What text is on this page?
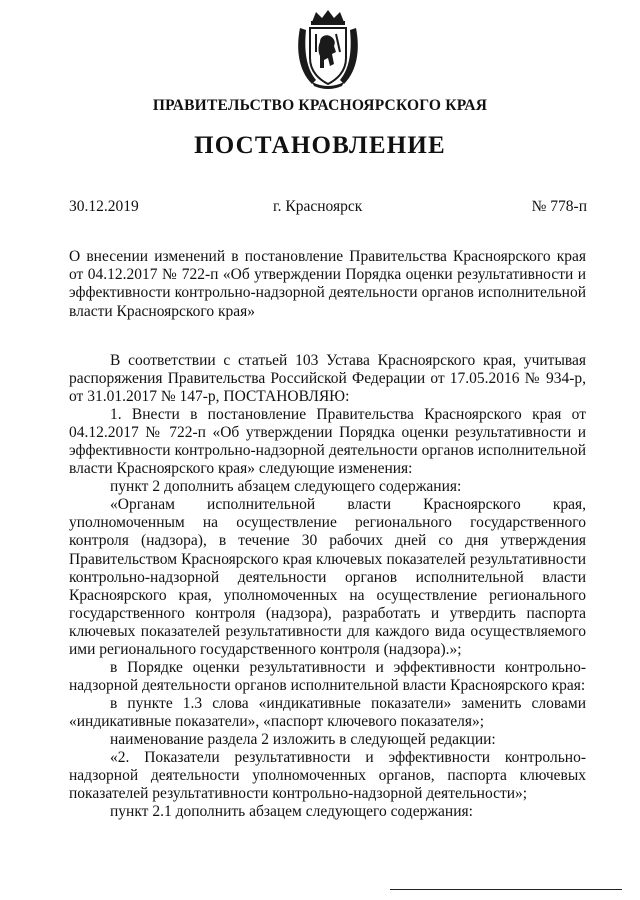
ПРАВИТЕЛЬСТВО КРАСНОЯРСКОГО КРАЯ
ПОСТАНОВЛЕНИЕ
30.12.2019	г. Красноярск	№ 778-п
О внесении изменений в постановление Правительства Красноярского края от 04.12.2017 № 722-п «Об утверждении Порядка оценки результативности и эффективности контрольно-надзорной деятельности органов исполнительной власти Красноярского края»

В соответствии с статьей 103 Устава Красноярского края, учитывая распоряжения Правительства Российской Федерации от 17.05.2016 № 934-р, от 31.01.2017 № 147-р, ПОСТАНОВЛЯЮ:

1. Внести в постановление Правительства Красноярского края от 04.12.2017 № 722-п «Об утверждении Порядка оценки результативности и эффективности контрольно-надзорной деятельности органов исполнительной власти Красноярского края» следующие изменения:

пункт 2 дополнить абзацем следующего содержания:

«Органам исполнительной власти Красноярского края, уполномоченным на осуществление регионального государственного контроля (надзора), в течение 30 рабочих дней со дня утверждения Правительством Красноярского края ключевых показателей результативности контрольно-надзорной деятельности органов исполнительной власти Красноярского края, уполномоченных на осуществление регионального государственного контроля (надзора), разработать и утвердить паспорта ключевых показателей результативности для каждого вида осуществляемого ими регионального государственного контроля (надзора).»;

в Порядке оценки результативности и эффективности контрольно-надзорной деятельности органов исполнительной власти Красноярского края:

в пункте 1.3 слова «индикативные показатели» заменить словами «индикативные показатели», «паспорт ключевого показателя»;

наименование раздела 2 изложить в следующей редакции:

«2. Показатели результативности и эффективности контрольно-надзорной деятельности уполномоченных органов, паспорта ключевых показателей результативности контрольно-надзорной деятельности»;

пункт 2.1 дополнить абзацем следующего содержания:
